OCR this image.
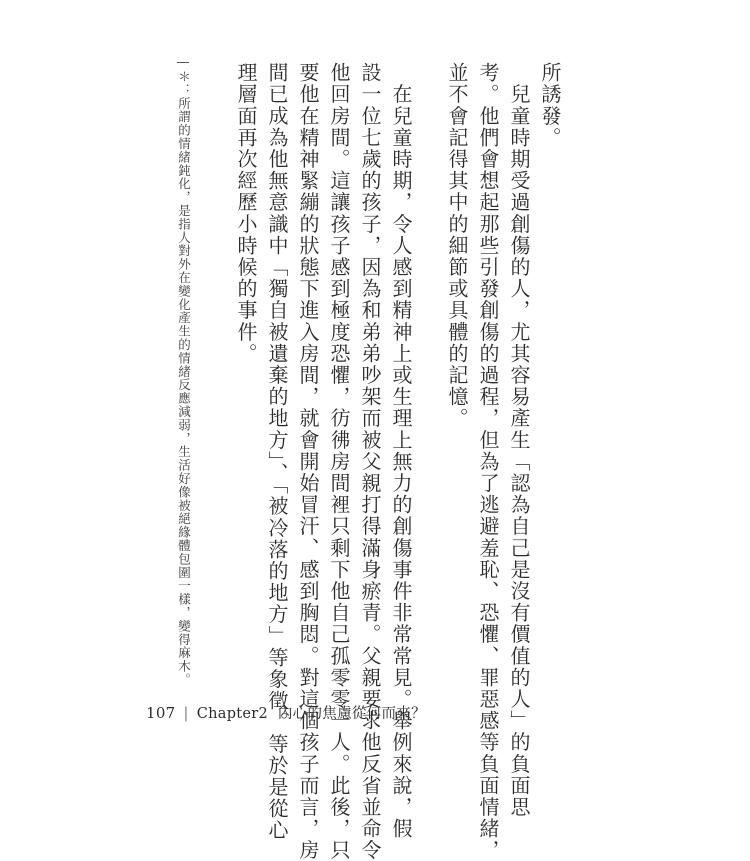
所誘發。
　兒童時期受過創傷的人，尤其容易產生「認為自己是沒有價值的人」的負面思
考。他們會想起那些引發創傷的過程，但為了逃避羞恥、恐懼、罪惡感等負面情緒，
並不會記得其中的細節或具體的記憶。
　在兒童時期，令人感到精神上或生理上無力的創傷事件非常常見。舉例來說，假
設一位七歲的孩子，因為和弟弟吵架而被父親打得滿身瘀青。父親要求他反省並命令
他回房間。這讓孩子感到極度恐懼，彷彿房間裡只剩下他自己孤零零一人。此後，只
要他在精神緊繃的狀態下進入房間，就會開始冒汗、感到胸悶。對這個孩子而言，房
間已成為他無意識中「獨自被遺棄的地方」、「被冷落的地方」等象徵。等於是從心
理層面再次經歷小時候的事件。
＊：所謂的情緒鈍化，是指人對外在變化產生的情緒反應減弱，生活好像被絕緣體包圍一樣，變得麻木。
107 | Chapter2 內心的焦慮從何而來？
